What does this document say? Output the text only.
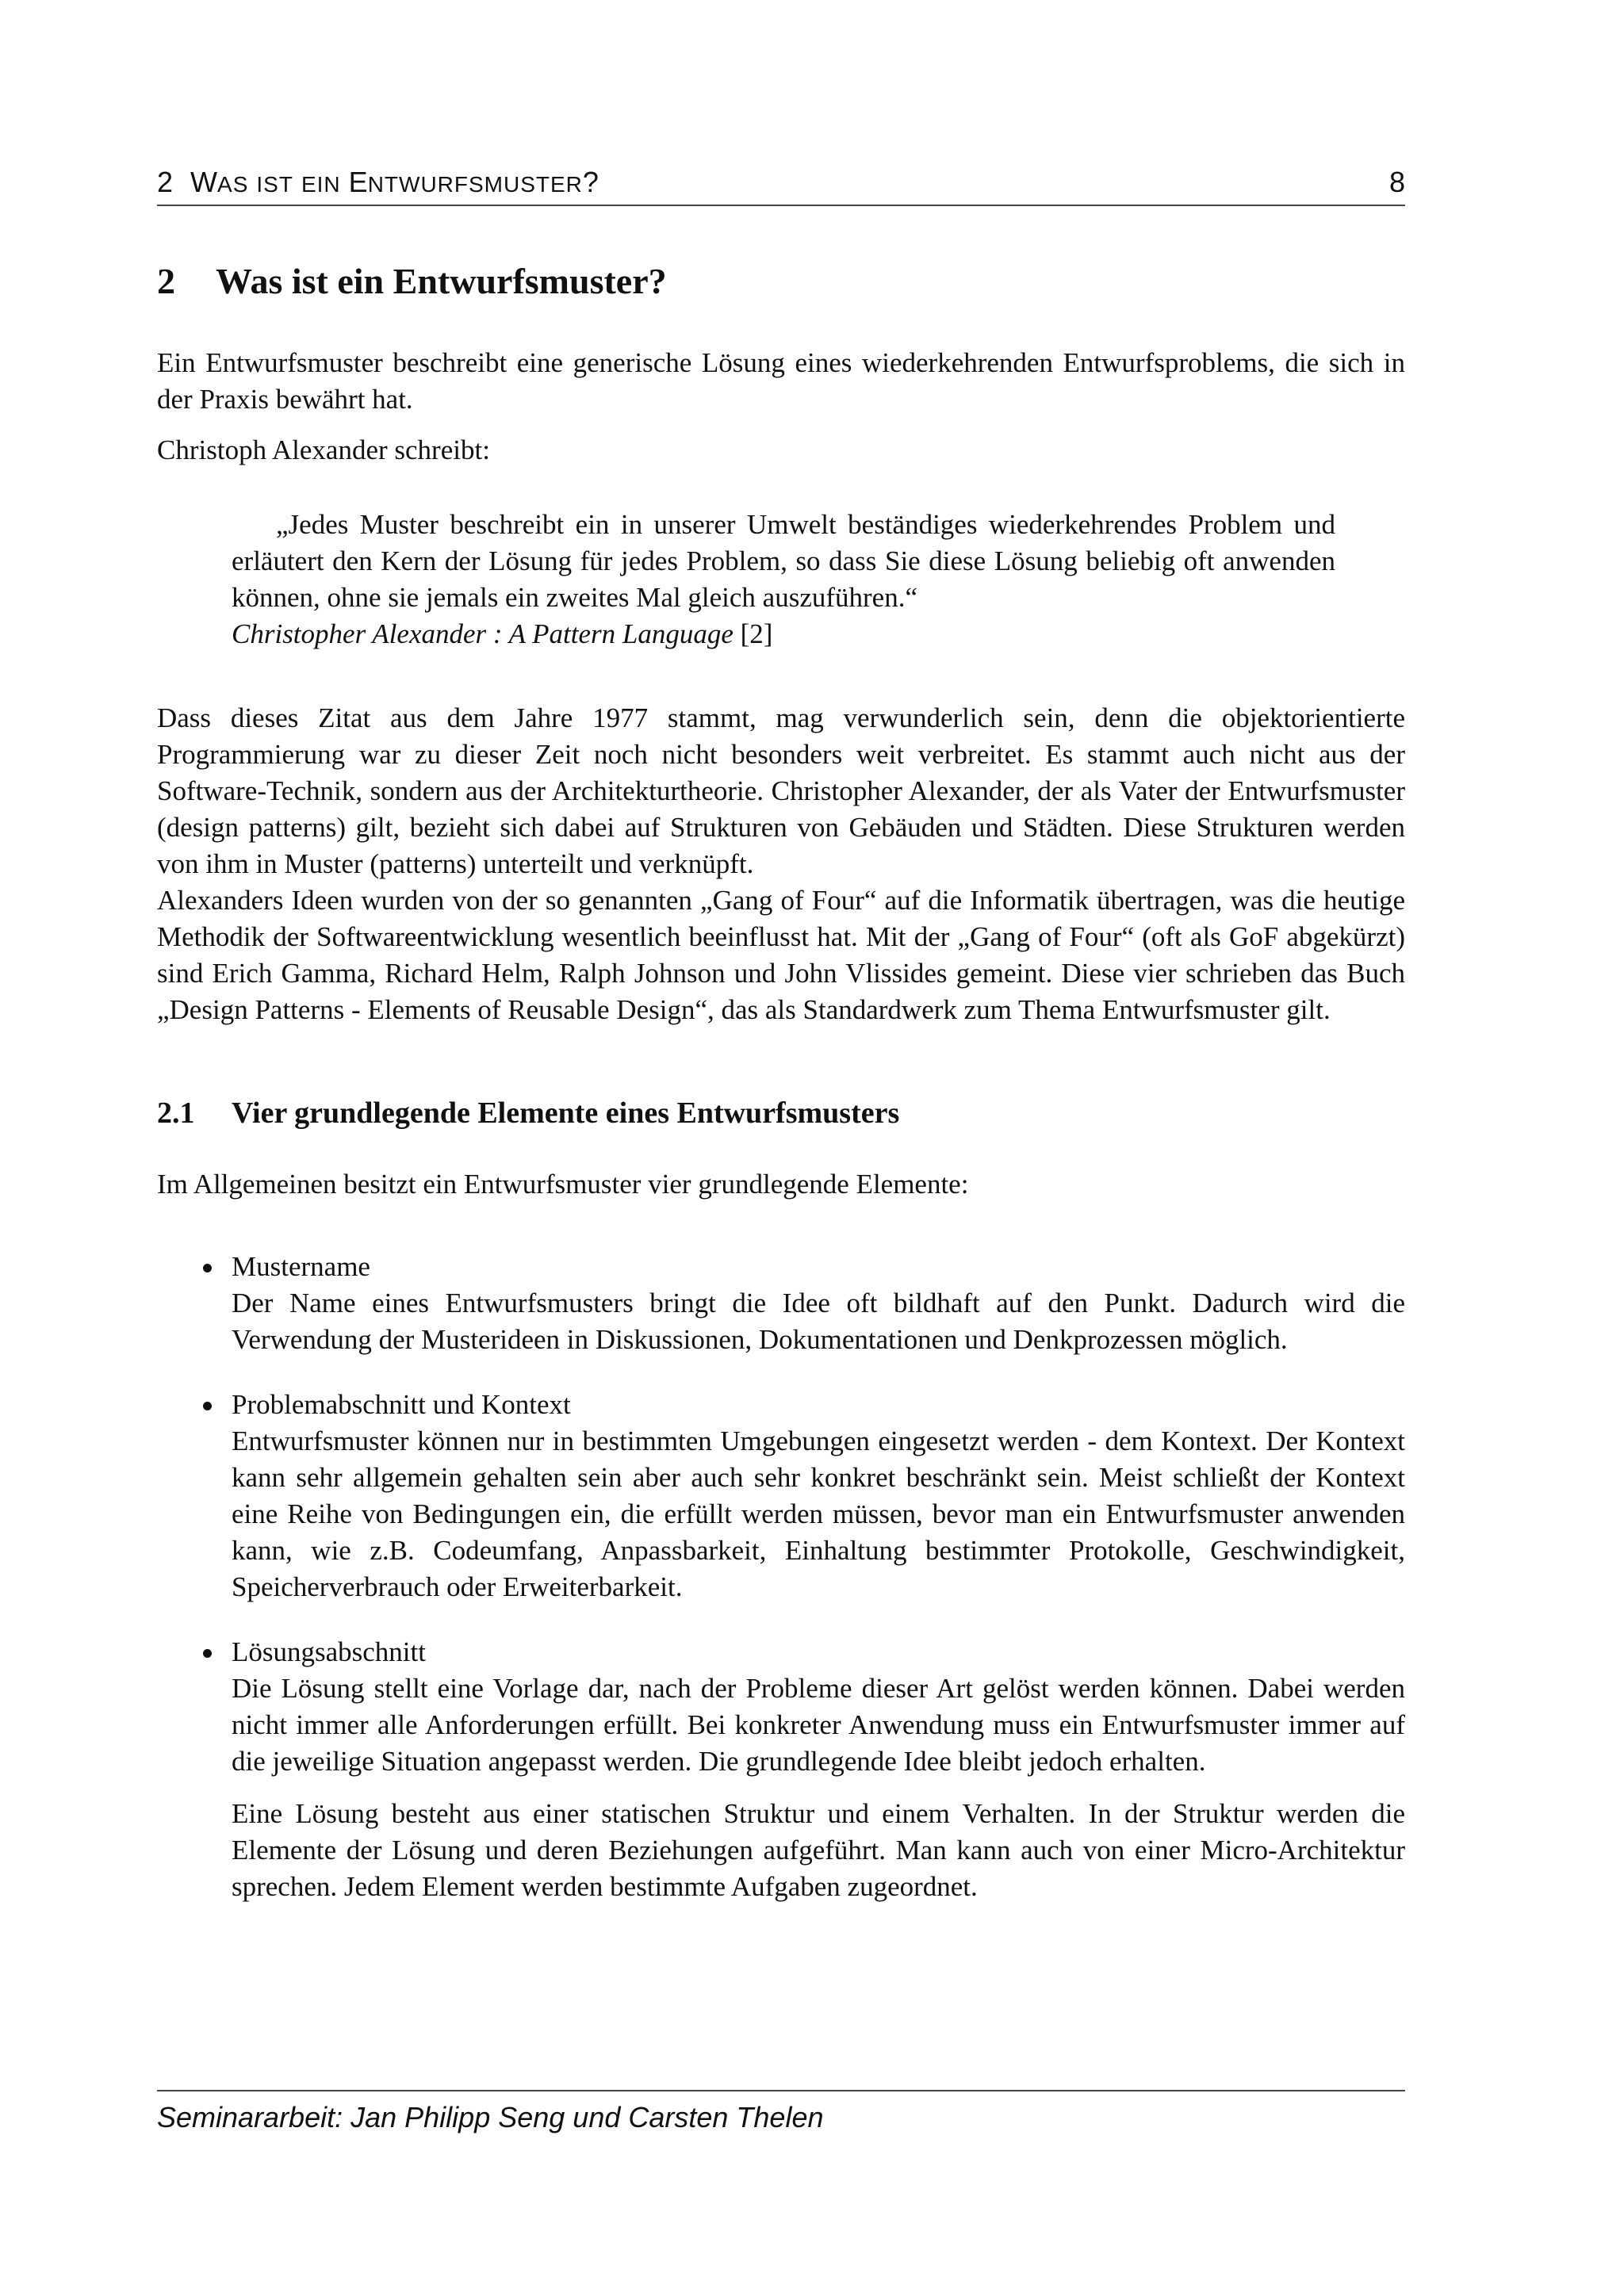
2 WAS IST EIN ENTWURFSMUSTER?	8
2 Was ist ein Entwurfsmuster?

Ein Entwurfsmuster beschreibt eine generische Lösung eines wiederkehrenden Entwurfsproblems, die sich in der Praxis bewährt hat.

Christoph Alexander schreibt:

„Jedes Muster beschreibt ein in unserer Umwelt beständiges wiederkehrendes Problem und erläutert den Kern der Lösung für jedes Problem, so dass Sie diese Lösung beliebig oft anwenden können, ohne sie jemals ein zweites Mal gleich auszuführen.“

Christopher Alexander : A Pattern Language [2]

Dass dieses Zitat aus dem Jahre 1977 stammt, mag verwunderlich sein, denn die objektorientierte Programmierung war zu dieser Zeit noch nicht besonders weit verbreitet. Es stammt auch nicht aus der Software-Technik, sondern aus der Architekturtheorie. Christopher Alexander, der als Vater der Entwurfsmuster (design patterns) gilt, bezieht sich dabei auf Strukturen von Gebäuden und Städten. Diese Strukturen werden von ihm in Muster (patterns) unterteilt und verknüpft.

Alexanders Ideen wurden von der so genannten „Gang of Four“ auf die Informatik übertragen, was die heutige Methodik der Softwareentwicklung wesentlich beeinflusst hat. Mit der „Gang of Four“ (oft als GoF abgekürzt) sind Erich Gamma, Richard Helm, Ralph Johnson und John Vlissides gemeint. Diese vier schrieben das Buch „Design Patterns - Elements of Reusable Design“, das als Standardwerk zum Thema Entwurfsmuster gilt.

2.1 Vier grundlegende Elemente eines Entwurfsmusters

Im Allgemeinen besitzt ein Entwurfsmuster vier grundlegende Elemente:

Mustername

Der Name eines Entwurfsmusters bringt die Idee oft bildhaft auf den Punkt. Dadurch wird die Verwendung der Musterideen in Diskussionen, Dokumentationen und Denkprozessen möglich.

Problemabschnitt und Kontext

Entwurfsmuster können nur in bestimmten Umgebungen eingesetzt werden - dem Kontext. Der Kontext kann sehr allgemein gehalten sein aber auch sehr konkret beschränkt sein. Meist schließt der Kontext eine Reihe von Bedingungen ein, die erfüllt werden müssen, bevor man ein Entwurfsmuster anwenden kann, wie z.B. Codeumfang, Anpassbarkeit, Einhaltung bestimmter Protokolle, Geschwindigkeit, Speicherverbrauch oder Erweiterbarkeit.

Lösungsabschnitt

Die Lösung stellt eine Vorlage dar, nach der Probleme dieser Art gelöst werden können. Dabei werden nicht immer alle Anforderungen erfüllt. Bei konkreter Anwendung muss ein Entwurfsmuster immer auf die jeweilige Situation angepasst werden. Die grundlegende Idee bleibt jedoch erhalten.

Eine Lösung besteht aus einer statischen Struktur und einem Verhalten. In der Struktur werden die Elemente der Lösung und deren Beziehungen aufgeführt. Man kann auch von einer Micro-Architektur sprechen. Jedem Element werden bestimmte Aufgaben zugeordnet.

Seminararbeit: Jan Philipp Seng und Carsten Thelen
